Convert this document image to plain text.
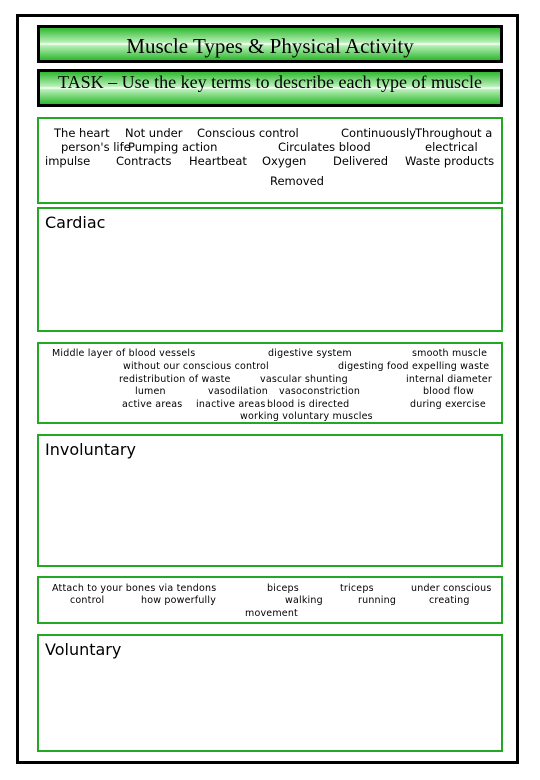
Muscle Types & Physical Activity
TASK – Use the key terms to describe each type of muscle
The heart Not under Conscious control	Continuously Throughout a
person's life
Pumping action	Circulates blood	electrical
impulse Contracts Heartbeat Oxygen Delivered Waste products
Removed
Cardiac
Middle layer of blood vessels	digestive system	smooth muscle
without our conscious control	digesting food expelling waste
redistribution of waste	vascular shunting	internal diameter
lumen	vasodilation vasoconstriction	blood flow
active areas inactive areas blood is directed	during exercise
working voluntary muscles
Involuntary
Attach to your bones via tendons	biceps	triceps	under conscious
control	how powerfully	walking	running	creating
movement
Voluntary
